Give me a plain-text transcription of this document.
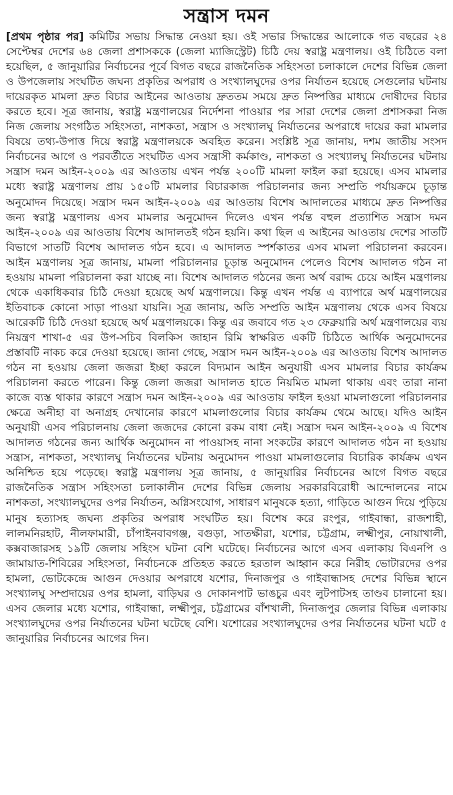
সন্ত্রাস দমন

[প্রথম পৃষ্ঠার পর] কমিটির সভায় সিদ্ধান্ত নেওয়া হয়। ওই সভার সিদ্ধান্তের আলোকে গত বছরের ২৪ সেপ্টেম্বর দেশের ৬৪ জেলা প্রশাসককে (জেলা ম্যাজিস্ট্রেট) চিঠি দেয় স্বরাষ্ট্র মন্ত্রণালয়। ওই চিঠিতে বলা হয়েছিল, ৫ জানুয়ারির নির্বাচনের পূর্বে বিগত বছরে রাজনৈতিক সহিংসতা চলাকালে দেশের বিভিন্ন জেলা ও উপজেলায় সংঘটিত জঘন্য প্রকৃতির অপরাধ ও সংখ্যালঘুদের ওপর নির্যাতন হয়েছে সেগুলোর ঘটনায় দায়েরকৃত মামলা দ্রুত বিচার আইনের আওতায় দ্রুততম সময়ে দ্রুত নিষ্পত্তির মাধ্যমে দোষীদের বিচার করতে হবে। সূত্র জানায়, স্বরাষ্ট্র মন্ত্রণালয়ের নির্দেশনা পাওয়ার পর সারা দেশের জেলা প্রশাসকরা নিজ নিজ জেলায় সংগঠিত সহিংসতা, নাশকতা, সন্ত্রাস ও সংখ্যালঘু নির্যাতনের অপরাধে দায়ের করা মামলার বিষয়ে তথ্য-উপাত্ত দিয়ে স্বরাষ্ট্র মন্ত্রণালয়কে অবহিত করেন। সংশ্লিষ্ট সূত্র জানায়, দশম জাতীয় সংসদ নির্বাচনের আগে ও পরবর্তীতে সংঘটিত এসব সন্ত্রাসী কর্মকাণ্ড, নাশকতা ও সংখ্যালঘু নির্যাতনের ঘটনায় সন্ত্রাস দমন আইন-২০০৯ এর আওতায় এখন পর্যন্ত ২০০টি মামলা ফাইল করা হয়েছে। এসব মামলার মধ্যে স্বরাষ্ট্র মন্ত্রণালয় প্রায় ১৫০টি মামলার বিচারকাজ পরিচালনার জন্য সম্প্রতি পর্যায়ক্রমে চূড়ান্ত অনুমোদন দিয়েছে। সন্ত্রাস দমন আইন-২০০৯ এর আওতায় বিশেষ আদালতের মাধ্যমে দ্রুত নিষ্পত্তির জন্য স্বরাষ্ট্র মন্ত্রণালয় এসব মামলার অনুমোদন দিলেও এখন পর্যন্ত বহুল প্রত্যাশিত সন্ত্রাস দমন আইন-২০০৯ এর আওতায় বিশেষ আদালতই গঠন হয়নি। কথা ছিল এ আইনের আওতায় দেশের সাতটি বিভাগে সাতটি বিশেষ আদালত গঠন হবে। এ আদালত স্পর্শকাতর এসব মামলা পরিচালনা করবেন। আইন মন্ত্রণালয় সূত্র জানায়, মামলা পরিচালনার চূড়ান্ত অনুমোদন পেলেও বিশেষ আদালত গঠন না হওয়ায় মামলা পরিচালনা করা যাচ্ছে না। বিশেষ আদালত গঠনের জন্য অর্থ বরাদ্দ চেয়ে আইন মন্ত্রণালয় থেকে একাধিকবার চিঠি দেওয়া হয়েছে অর্থ মন্ত্রণালয়ে। কিন্তু এখন পর্যন্ত এ ব্যাপারে অর্থ মন্ত্রণালয়ের ইতিবাচক কোনো সাড়া পাওয়া যায়নি। সূত্র জানায়, অতি সম্প্রতি আইন মন্ত্রণালয় থেকে এসব বিষয়ে আরেকটি চিঠি দেওয়া হয়েছে অর্থ মন্ত্রণালয়কে। কিন্তু এর জবাবে গত ২৩ ফেব্রুয়ারি অর্থ মন্ত্রণালয়ের ব্যয় নিয়ন্ত্রণ শাখা-৫ এর উপ-সচিব বিলকিস জাহান রিমি স্বাক্ষরিত একটি চিঠিতে আর্থিক অনুমোদনের প্রস্তাবটি নাকচ করে দেওয়া হয়েছে। জানা গেছে, সন্ত্রাস দমন আইন-২০০৯ এর আওতায় বিশেষ আদালত গঠন না হওয়ায় জেলা জজরা ইচ্ছা করলে বিদ্যমান আইন অনুযায়ী এসব মামলার বিচার কার্যক্রম পরিচালনা করতে পারেন। কিন্তু জেলা জজরা আদালত হাতে নিয়মিত মামলা থাকায় এবং তারা নানা কাজে ব্যস্ত থাকার কারণে সন্ত্রাস দমন আইন-২০০৯ এর আওতায় ফাইল হওয়া মামলাগুলো পরিচালনার ক্ষেত্রে অনীহা বা অনাগ্রহ দেখানোর কারণে মামলাগুলোর বিচার কার্যক্রম থেমে আছে। যদিও আইন অনুযায়ী এসব পরিচালনায় জেলা জজদের কোনো রকম বাধা নেই। সন্ত্রাস দমন আইন-২০০৯ এ বিশেষ আদালত গঠনের জন্য আর্থিক অনুমোদন না পাওয়াসহ নানা সংকটের কারণে আদালত গঠন না হওয়ায় সন্ত্রাস, নাশকতা, সংখ্যালঘু নির্যাতনের ঘটনায় অনুমোদন পাওয়া মামলাগুলোর বিচারিক কার্যক্রম এখন অনিশ্চিত হয়ে পড়েছে। স্বরাষ্ট্র মন্ত্রণালয় সূত্র জানায়, ৫ জানুয়ারির নির্বাচনের আগে বিগত বছরে রাজনৈতিক সন্ত্রাস সহিংসতা চলাকালীন দেশের বিভিন্ন জেলায় সরকারবিরোধী আন্দোলনের নামে নাশকতা, সংখ্যালঘুদের ওপর নির্যাতন, অগ্নিসংযোগ, সাধারণ মানুষকে হত্যা, গাড়িতে আগুন দিয়ে পুড়িয়ে মানুষ হত্যাসহ জঘন্য প্রকৃতির অপরাধ সংঘটিত হয়। বিশেষ করে রংপুর, গাইবান্ধা, রাজশাহী, লালমনিরহাট, নীলফামারী, চাঁপাইনবাবগঞ্জ, বগুড়া, সাতক্ষীরা, যশোর, চট্টগ্রাম, লক্ষ্মীপুর, নোয়াখালী, কক্সবাজারসহ ১৯টি জেলায় সহিংস ঘটনা বেশি ঘটেছে। নির্বাচনের আগে এসব এলাকায় বিএনপি ও জামায়াত-শিবিরের সহিংসতা, নির্বাচনকে প্রতিহত করতে হরতাল আহ্বান করে নিরীহ ভোটারদের ওপর হামলা, ভোটকেন্দ্রে আগুন দেওয়ার অপরাধে যশোর, দিনাজপুর ও গাইবান্ধাসহ দেশের বিভিন্ন স্থানে সংখ্যালঘু সম্প্রদায়ের ওপর হামলা, বাড়িঘর ও দোকানপাট ভাঙচুর এবং লুটপাটসহ তাণ্ডব চালানো হয়। এসব জেলার মধ্যে যশোর, গাইবান্ধা, লক্ষ্মীপুর, চট্টগ্রামের বাঁশখালী, দিনাজপুর জেলার বিভিন্ন এলাকায় সংখ্যালঘুদের ওপর নির্যাতনের ঘটনা ঘটেছে বেশি। যশোরের সংখ্যালঘুদের ওপর নির্যাতনের ঘটনা ঘটে ৫ জানুয়ারির নির্বাচনের আগের দিন।
